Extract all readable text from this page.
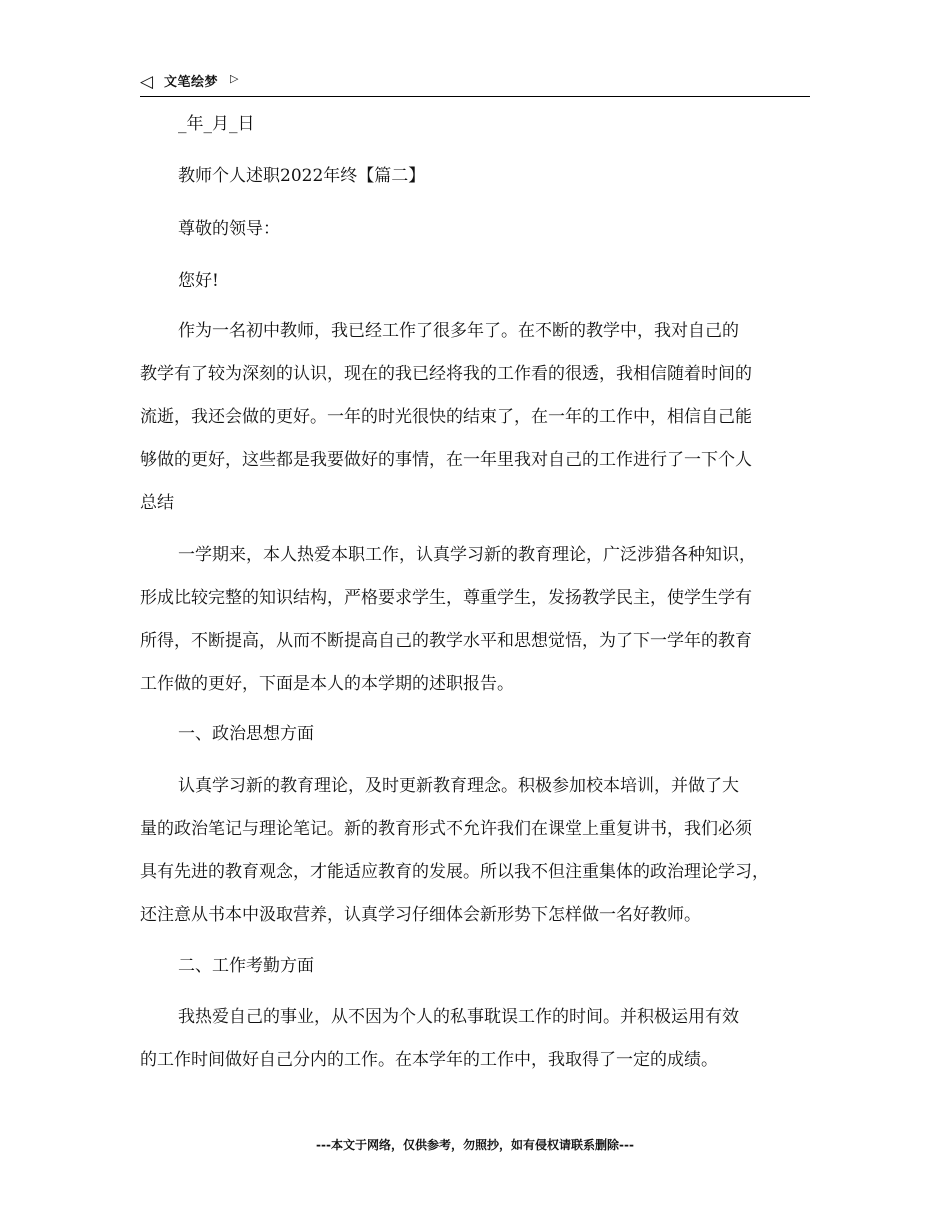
◁ 文笔绘梦 ▷
_年_月_日
教师个人述职2022年终【篇二】
尊敬的领导：
您好!
作为一名初中教师，我已经工作了很多年了。在不断的教学中，我对自己的
教学有了较为深刻的认识，现在的我已经将我的工作看的很透，我相信随着时间的
流逝，我还会做的更好。一年的时光很快的结束了，在一年的工作中，相信自己能
够做的更好，这些都是我要做好的事情，在一年里我对自己的工作进行了一下个人
总结
一学期来，本人热爱本职工作，认真学习新的教育理论，广泛涉猎各种知识，
形成比较完整的知识结构，严格要求学生，尊重学生，发扬教学民主，使学生学有
所得，不断提高，从而不断提高自己的教学水平和思想觉悟，为了下一学年的教育
工作做的更好，下面是本人的本学期的述职报告。
一、政治思想方面
认真学习新的教育理论，及时更新教育理念。积极参加校本培训，并做了大
量的政治笔记与理论笔记。新的教育形式不允许我们在课堂上重复讲书，我们必须
具有先进的教育观念，才能适应教育的发展。所以我不但注重集体的政治理论学习，
还注意从书本中汲取营养，认真学习仔细体会新形势下怎样做一名好教师。
二、工作考勤方面
我热爱自己的事业，从不因为个人的私事耽误工作的时间。并积极运用有效
的工作时间做好自己分内的工作。在本学年的工作中，我取得了一定的成绩。
---本文于网络，仅供参考，勿照抄，如有侵权请联系删除---
